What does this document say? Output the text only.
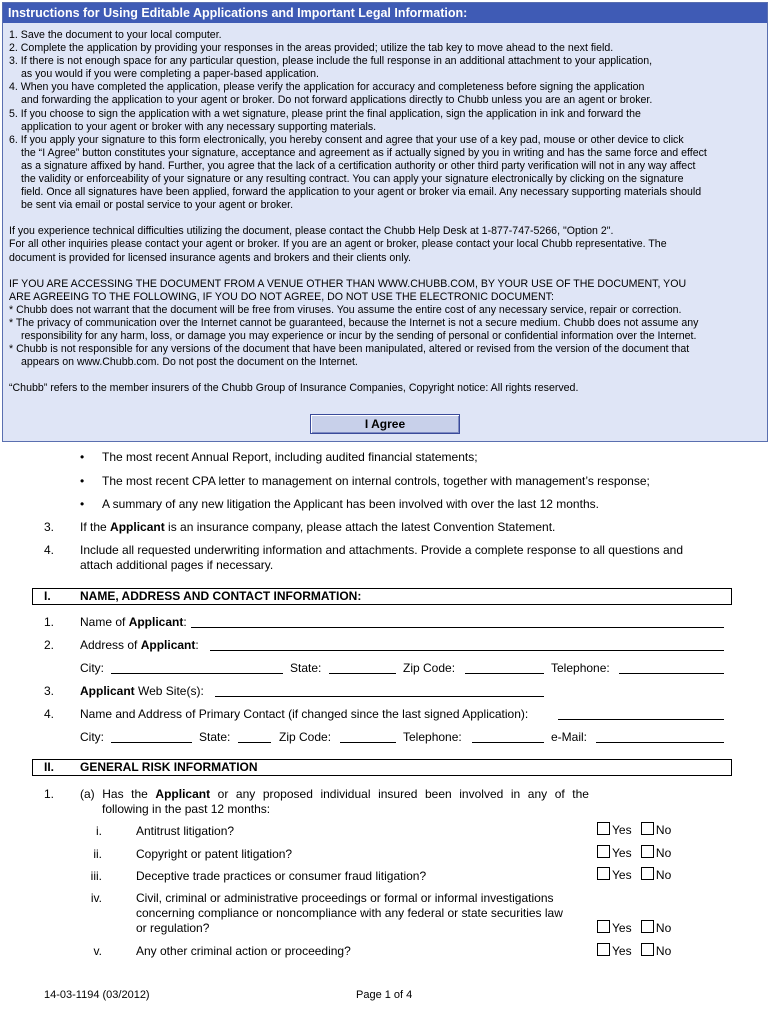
Instructions for Using Editable Applications and Important Legal Information:

1. Save the document to your local computer.

2. Complete the application by providing your responses in the areas provided; utilize the tab key to move ahead to the next field.

3. If there is not enough space for any particular question, please include the full response in an additional attachment to your application,

as you would if you were completing a paper-based application.

4. When you have completed the application, please verify the application for accuracy and completeness before signing the application

and forwarding the application to your agent or broker. Do not forward applications directly to Chubb unless you are an agent or broker.

5. If you choose to sign the application with a wet signature, please print the final application, sign the application in ink and forward the

application to your agent or broker with any necessary supporting materials.

6. If you apply your signature to this form electronically, you hereby consent and agree that your use of a key pad, mouse or other device to click

the “I Agree” button constitutes your signature, acceptance and agreement as if actually signed by you in writing and has the same force and effect

as a signature affixed by hand. Further, you agree that the lack of a certification authority or other third party verification will not in any way affect

the validity or enforceability of your signature or any resulting contract. You can apply your signature electronically by clicking on the signature

field. Once all signatures have been applied, forward the application to your agent or broker via email. Any necessary supporting materials should

be sent via email or postal service to your agent or broker.

If you experience technical difficulties utilizing the document, please contact the Chubb Help Desk at 1-877-747-5266, "Option 2".

For all other inquiries please contact your agent or broker. If you are an agent or broker, please contact your local Chubb representative. The

document is provided for licensed insurance agents and brokers and their clients only.

IF YOU ARE ACCESSING THE DOCUMENT FROM A VENUE OTHER THAN WWW.CHUBB.COM, BY YOUR USE OF THE DOCUMENT, YOU

ARE AGREEING TO THE FOLLOWING, IF YOU DO NOT AGREE, DO NOT USE THE ELECTRONIC DOCUMENT:

* Chubb does not warrant that the document will be free from viruses. You assume the entire cost of any necessary service, repair or correction.

* The privacy of communication over the Internet cannot be guaranteed, because the Internet is not a secure medium. Chubb does not assume any

responsibility for any harm, loss, or damage you may experience or incur by the sending of personal or confidential information over the Internet.

* Chubb is not responsible for any versions of the document that have been manipulated, altered or revised from the version of the document that

appears on www.Chubb.com. Do not post the document on the Internet.

“Chubb” refers to the member insurers of the Chubb Group of Insurance Companies, Copyright notice: All rights reserved.

I Agree
• The most recent Annual Report, including audited financial statements;
• The most recent CPA letter to management on internal controls, together with management’s response;
• A summary of any new litigation the Applicant has been involved with over the last 12 months.
3. If the Applicant is an insurance company, please attach the latest Convention Statement.
4. Include all requested underwriting information and attachments. Provide a complete response to all questions and
attach additional pages if necessary.
I. NAME, ADDRESS AND CONTACT INFORMATION:
1. Name of Applicant:
2. Address of Applicant:
City:	State:	Zip Code:	Telephone:
3. Applicant Web Site(s):
4. Name and Address of Primary Contact (if changed since the last signed Application):
City:	State:	Zip Code:	Telephone:	e-Mail:
II. GENERAL RISK INFORMATION
1. (a) Has the Applicant or any proposed individual insured been involved in any of the
following in the past 12 months:
i.	Antitrust litigation?	Yes No
ii.	Copyright or patent litigation?	Yes No
iii.	Deceptive trade practices or consumer fraud litigation?	Yes No
iv.	Civil, criminal or administrative proceedings or formal or informal investigations
concerning compliance or noncompliance with any federal or state securities law
or regulation?	Yes No
v.	Any other criminal action or proceeding?	Yes No
14-03-1194 (03/2012)	Page 1 of 4
